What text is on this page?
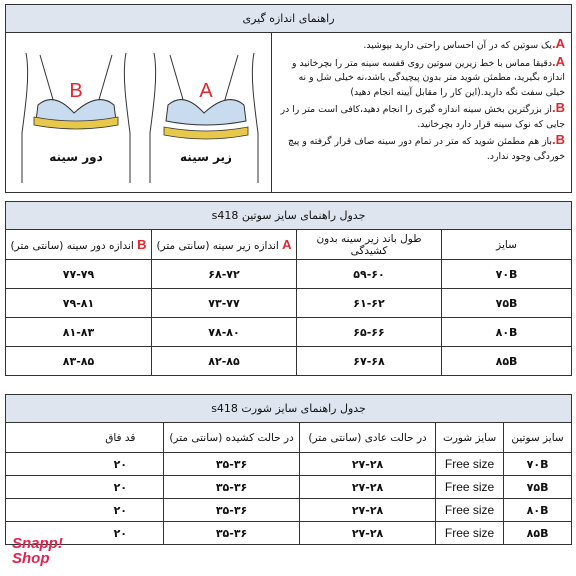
راهنمای اندازه گیری

A.یک سوتین که در آن احساس راحتی دارید بپوشید.

A.دقیقا مماس با خط زیرین سوتین روی قفسه سینه متر را بچرخانید و اندازه بگیرید، مطمئن شوید متر بدون پیچیدگی باشد،نه خیلی شل و نه خیلی سفت نگه دارید.(این کار را مقابل آیینه انجام دهید)

B.از بزرگترین بخش سینه اندازه گیری را انجام دهید،کافی است متر را در جایی که نوک سینه قرار دارد بچرخانید.

B.باز هم مطمئن شوید که متر در تمام دور سینه صاف قرار گرفته و پیچ خوردگی وجود ندارد.

B
دور سینه
A
زیر سینه
جدول راهنمای سایز سوتین s418			
سایز	طول باند زیر سینه بدون کشیدگی	A اندازه زیر سینه (سانتی متر)	B اندازه دور سینه (سانتی متر)
۷۰B	۵۹-۶۰	۶۸-۷۲	۷۷-۷۹
۷۵B	۶۱-۶۲	۷۳-۷۷	۷۹-۸۱
۸۰B	۶۵-۶۶	۷۸-۸۰	۸۱-۸۳
۸۵B	۶۷-۶۸	۸۲-۸۵	۸۳-۸۵
جدول راهنمای سایز شورت s418					
سایز سوتین	سایز شورت	در حالت عادی (سانتی متر)	در حالت کشیده (سانتی متر)	قد فاق	
۷۰B	Free size	۲۷-۲۸	۳۵-۳۶	۲۰	
۷۵B	Free size	۲۷-۲۸	۳۵-۳۶	۲۰	
۸۰B	Free size	۲۷-۲۸	۳۵-۳۶	۲۰	
۸۵B	Free size	۲۷-۲۸	۳۵-۳۶	۲۰	
Snapp!
Shop
